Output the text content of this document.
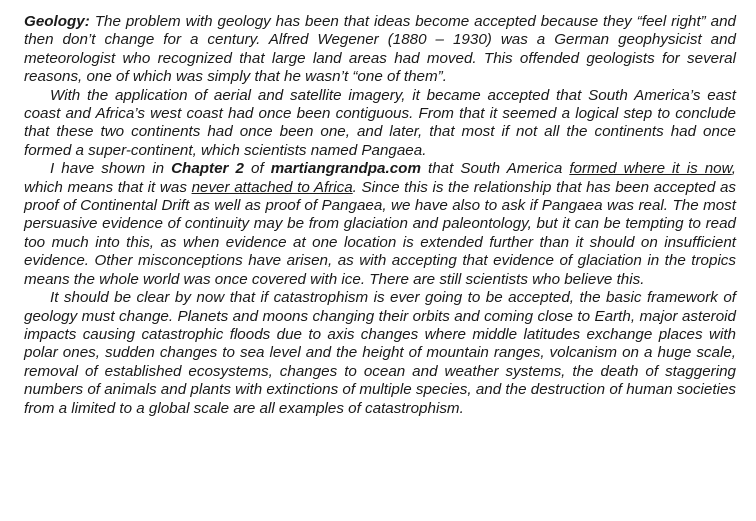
Geology: The problem with geology has been that ideas become accepted because they “feel right” and then don’t change for a century. Alfred Wegener (1880 – 1930) was a German geophysicist and meteorologist who recognized that large land areas had moved. This offended geologists for several reasons, one of which was simply that he wasn’t “one of them”.

With the application of aerial and satellite imagery, it became accepted that South America’s east coast and Africa’s west coast had once been contiguous. From that it seemed a logical step to conclude that these two continents had once been one, and later, that most if not all the continents had once formed a super-continent, which scientists named Pangaea.

I have shown in Chapter 2 of martiangrandpa.com that South America formed where it is now, which means that it was never attached to Africa. Since this is the relationship that has been accepted as proof of Continental Drift as well as proof of Pangaea, we have also to ask if Pangaea was real. The most persuasive evidence of continuity may be from glaciation and paleontology, but it can be tempting to read too much into this, as when evidence at one location is extended further than it should on insufficient evidence. Other misconceptions have arisen, as with accepting that evidence of glaciation in the tropics means the whole world was once covered with ice. There are still scientists who believe this.

It should be clear by now that if catastrophism is ever going to be accepted, the basic framework of geology must change. Planets and moons changing their orbits and coming close to Earth, major asteroid impacts causing catastrophic floods due to axis changes where middle latitudes exchange places with polar ones, sudden changes to sea level and the height of mountain ranges, volcanism on a huge scale, removal of established ecosystems, changes to ocean and weather systems, the death of staggering numbers of animals and plants with extinctions of multiple species, and the destruction of human societies from a limited to a global scale are all examples of catastrophism.
